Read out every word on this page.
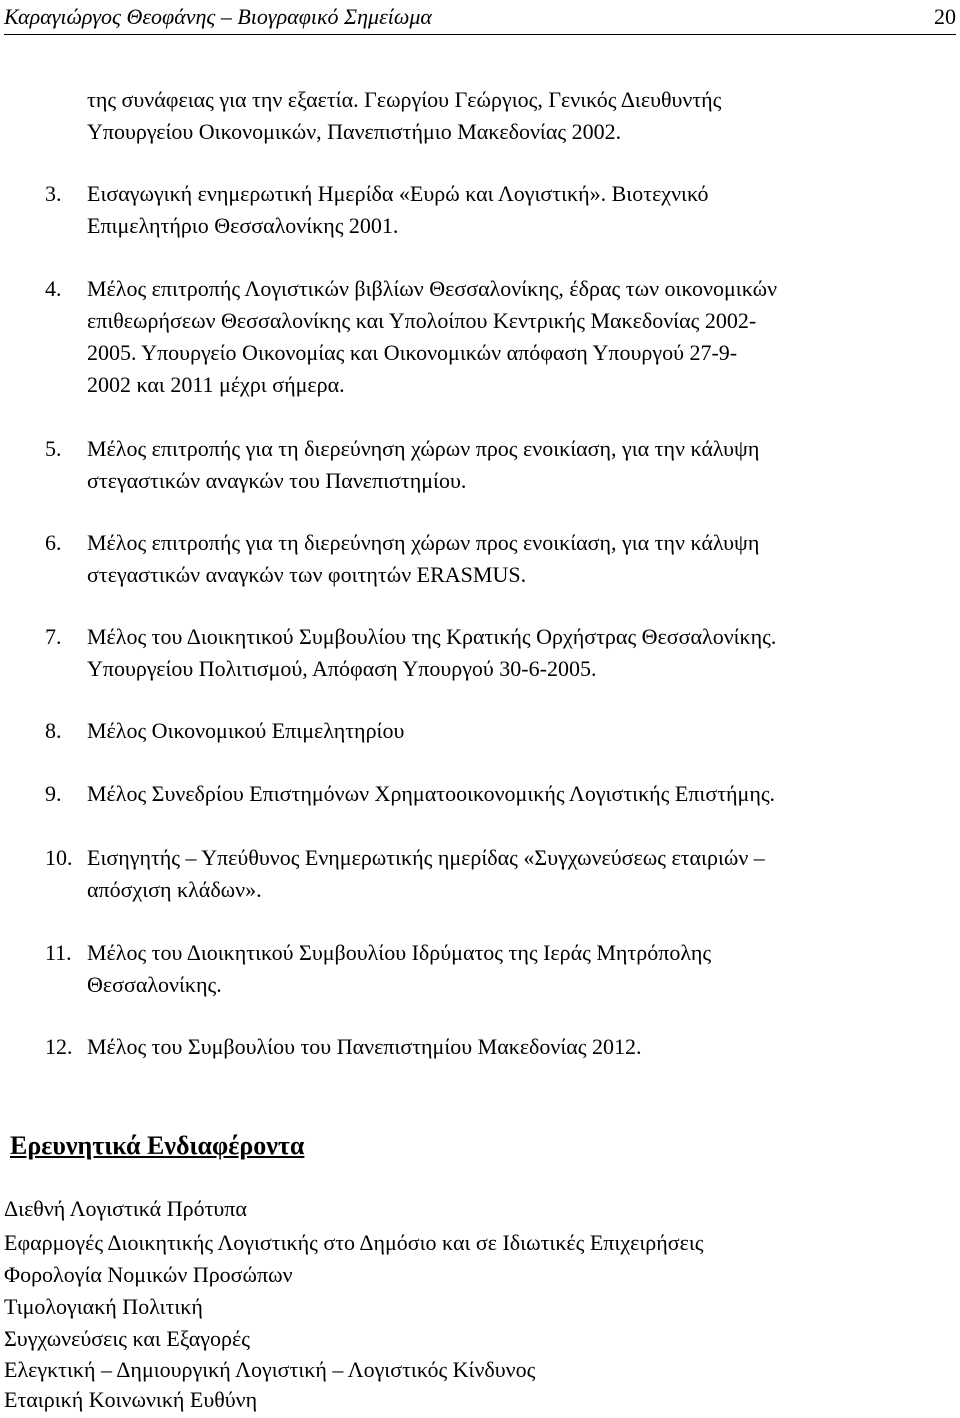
Καραγιώργος Θεοφάνης – Βιογραφικό Σημείωμα	20
της συνάφειας για την εξαετία. Γεωργίου Γεώργιος, Γενικός Διευθυντής
Υπουργείου Οικονομικών, Πανεπιστήμιο Μακεδονίας 2002.
3.	Εισαγωγική ενημερωτική Ημερίδα «Ευρώ και Λογιστική». Βιοτεχνικό
Επιμελητήριο Θεσσαλονίκης 2001.
4.	Μέλος επιτροπής Λογιστικών βιβλίων Θεσσαλονίκης, έδρας των οικονομικών
επιθεωρήσεων Θεσσαλονίκης και Υπολοίπου Κεντρικής Μακεδονίας 2002-
2005. Υπουργείο Οικονομίας και Οικονομικών απόφαση Υπουργού 27-9-
2002 και 2011 μέχρι σήμερα.
5.	Μέλος επιτροπής για τη διερεύνηση χώρων προς ενοικίαση, για την κάλυψη
στεγαστικών αναγκών του Πανεπιστημίου.
6.	Μέλος επιτροπής για τη διερεύνηση χώρων προς ενοικίαση, για την κάλυψη
στεγαστικών αναγκών των φοιτητών ERASMUS.
7.	Μέλος του Διοικητικού Συμβουλίου της Κρατικής Ορχήστρας Θεσσαλονίκης.
Υπουργείου Πολιτισμού, Απόφαση Υπουργού 30-6-2005.
8.	Μέλος Οικονομικού Επιμελητηρίου
9.	Μέλος Συνεδρίου Επιστημόνων Χρηματοοικονομικής Λογιστικής Επιστήμης.
10. Εισηγητής – Υπεύθυνος Ενημερωτικής ημερίδας «Συγχωνεύσεως εταιριών –
απόσχιση κλάδων».
11. Μέλος του Διοικητικού Συμβουλίου Ιδρύματος της Ιεράς Μητρόπολης
Θεσσαλονίκης.
12. Μέλος του Συμβουλίου του Πανεπιστημίου Μακεδονίας 2012.
Ερευνητικά Ενδιαφέροντα
Διεθνή Λογιστικά Πρότυπα
Εφαρμογές Διοικητικής Λογιστικής στο Δημόσιο και σε Ιδιωτικές Επιχειρήσεις
Φορολογία Νομικών Προσώπων
Τιμολογιακή Πολιτική
Συγχωνεύσεις και Εξαγορές
Ελεγκτική – Δημιουργική Λογιστική – Λογιστικός Κίνδυνος
Εταιρική Κοινωνική Ευθύνη
